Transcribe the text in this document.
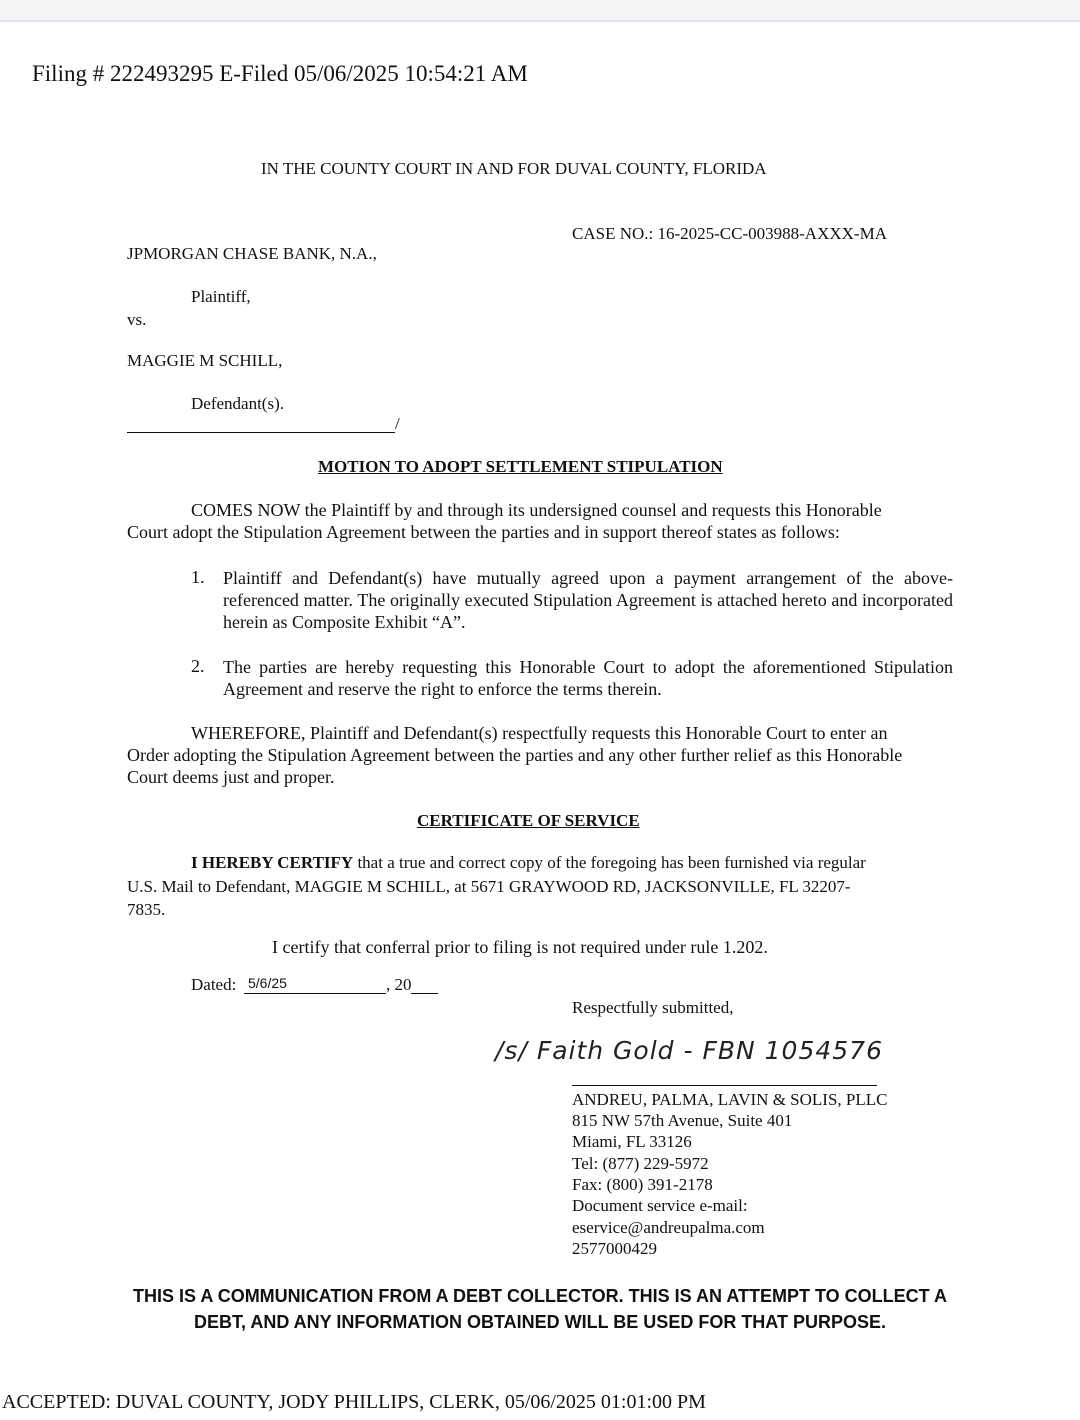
Filing # 222493295 E-Filed 05/06/2025 10:54:21 AM
IN THE COUNTY COURT IN AND FOR DUVAL COUNTY, FLORIDA
CASE NO.: 16-2025-CC-003988-AXXX-MA
JPMORGAN CHASE BANK, N.A.,
Plaintiff,
vs.
MAGGIE M SCHILL,
Defendant(s).
/
MOTION TO ADOPT SETTLEMENT STIPULATION
COMES NOW the Plaintiff by and through its undersigned counsel and requests this Honorable
Court adopt the Stipulation Agreement between the parties and in support thereof states as follows:
1. Plaintiff and Defendant(s) have mutually agreed upon a payment arrangement of the above-referenced matter. The originally executed Stipulation Agreement is attached hereto and incorporated herein as Composite Exhibit “A”.
2. The parties are hereby requesting this Honorable Court to adopt the aforementioned Stipulation Agreement and reserve the right to enforce the terms therein.
WHEREFORE, Plaintiff and Defendant(s) respectfully requests this Honorable Court to enter an
Order adopting the Stipulation Agreement between the parties and any other further relief as this Honorable
Court deems just and proper.
CERTIFICATE OF SERVICE
I HEREBY CERTIFY that a true and correct copy of the foregoing has been furnished via regular
U.S. Mail to Defendant, MAGGIE M SCHILL, at 5671 GRAYWOOD RD, JACKSONVILLE, FL 32207-
7835.
I certify that conferral prior to filing is not required under rule 1.202.
Dated: 5/6/25	, 20
Respectfully submitted,
/s/ Faith Gold - FBN 1054576
ANDREU, PALMA, LAVIN & SOLIS, PLLC
815 NW 57th Avenue, Suite 401
Miami, FL 33126
Tel: (877) 229-5972
Fax: (800) 391-2178
Document service e-mail:
eservice@andreupalma.com
2577000429
THIS IS A COMMUNICATION FROM A DEBT COLLECTOR. THIS IS AN ATTEMPT TO COLLECT A DEBT, AND ANY INFORMATION OBTAINED WILL BE USED FOR THAT PURPOSE.
ACCEPTED: DUVAL COUNTY, JODY PHILLIPS, CLERK, 05/06/2025 01:01:00 PM
